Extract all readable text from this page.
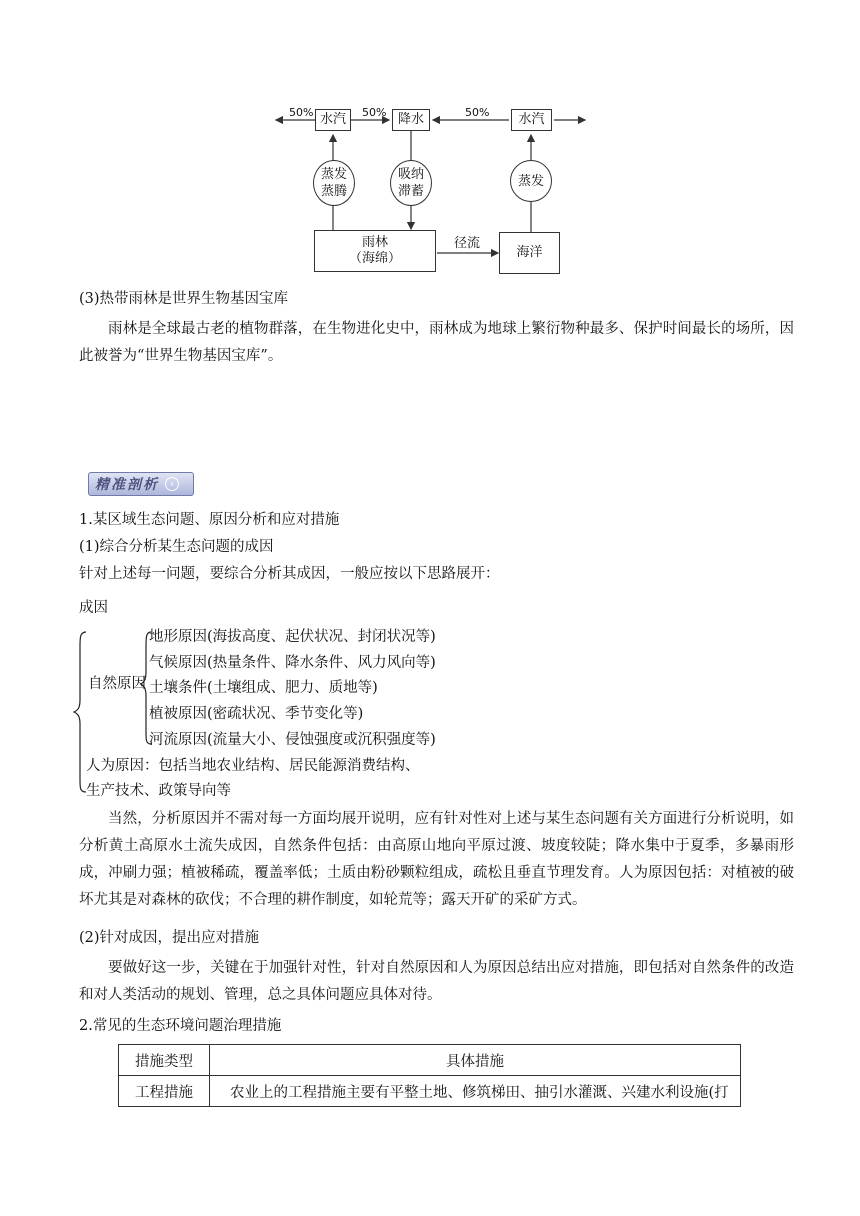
50%	50%	50%
水汽	降水	水汽
蒸发
蒸腾
吸纳
滞蓄
蒸发
雨林
（海绵）
径流
海洋
(3)热带雨林是世界生物基因宝库
雨林是全球最古老的植物群落，在生物进化史中，雨林成为地球上繁衍物种最多、保护时间最长的场所，因此被誉为“世界生物基因宝库”。
精准剖析	›
1.某区域生态问题、原因分析和应对措施
(1)综合分析某生态问题的成因
针对上述每一问题，要综合分析其成因，一般应按以下思路展开：
成因
自然原因
地形原因(海拔高度、起伏状况、封闭状况等)
气候原因(热量条件、降水条件、风力风向等)
土壤条件(土壤组成、肥力、质地等)
植被原因(密疏状况、季节变化等)
河流原因(流量大小、侵蚀强度或沉积强度等)
人为原因：包括当地农业结构、居民能源消费结构、
生产技术、政策导向等
当然，分析原因并不需对每一方面均展开说明，应有针对性对上述与某生态问题有关方面进行分析说明，如分析黄土高原水土流失成因，自然条件包括：由高原山地向平原过渡、坡度较陡；降水集中于夏季，多暴雨形成，冲刷力强；植被稀疏，覆盖率低；土质由粉砂颗粒组成，疏松且垂直节理发育。人为原因包括：对植被的破坏尤其是对森林的砍伐；不合理的耕作制度，如轮荒等；露天开矿的采矿方式。
(2)针对成因，提出应对措施
要做好这一步，关键在于加强针对性，针对自然原因和人为原因总结出应对措施，即包括对自然条件的改造和对人类活动的规划、管理，总之具体问题应具体对待。
2.常见的生态环境问题治理措施
措施类型	具体措施
工程措施	农业上的工程措施主要有平整土地、修筑梯田、抽引水灌溉、兴建水利设施(打
